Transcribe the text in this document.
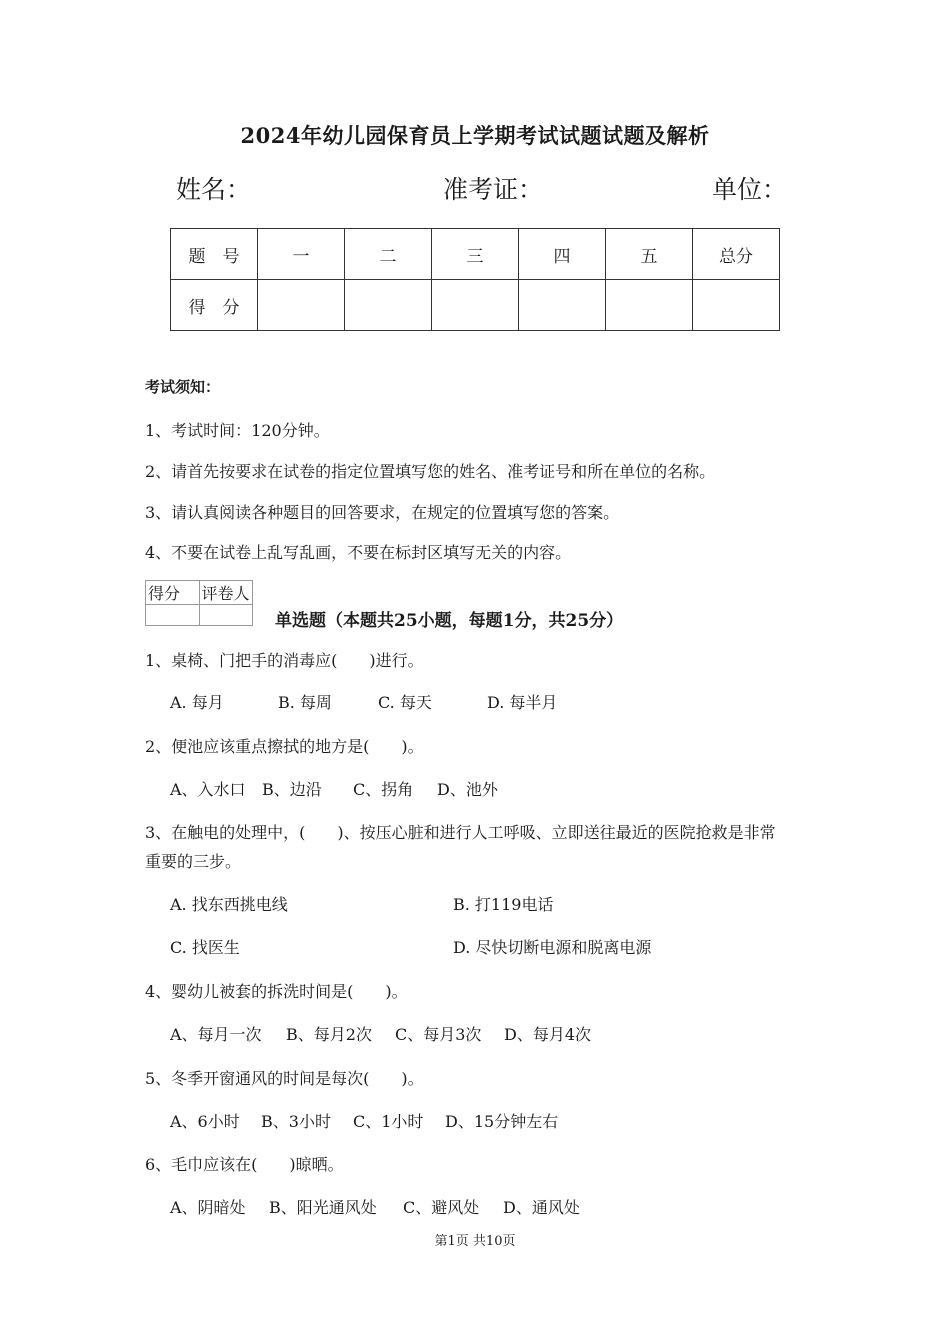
2024年幼儿园保育员上学期考试试题试题及解析
姓名：	准考证：	单位：
题　号	一	二	三	四	五	总分
得　分						
考试须知：
1、考试时间：120分钟。
2、请首先按要求在试卷的指定位置填写您的姓名、准考证号和所在单位的名称。
3、请认真阅读各种题目的回答要求，在规定的位置填写您的答案。
4、不要在试卷上乱写乱画，不要在标封区填写无关的内容。
得分	评卷人

单选题（本题共25小题，每题1分，共25分）
1、桌椅、门把手的消毒应(　　)进行。
A. 每月	B. 每周	C. 每天	D. 每半月
2、便池应该重点擦拭的地方是(　　)。
A、入水口 B、边沿 C、拐角 D、池外
3、在触电的处理中，(　　)、按压心脏和进行人工呼吸、立即送往最近的医院抢救是非常
重要的三步。
A. 找东西挑电线	B. 打119电话
C. 找医生	D. 尽快切断电源和脱离电源
4、婴幼儿被套的拆洗时间是(　　)。
A、每月一次 B、每月2次 C、每月3次 D、每月4次
5、冬季开窗通风的时间是每次(　　)。
A、6小时 B、3小时 C、1小时 D、15分钟左右
6、毛巾应该在(　　)晾晒。
A、阴暗处 B、阳光通风处 C、避风处 D、通风处
第1页 共10页
